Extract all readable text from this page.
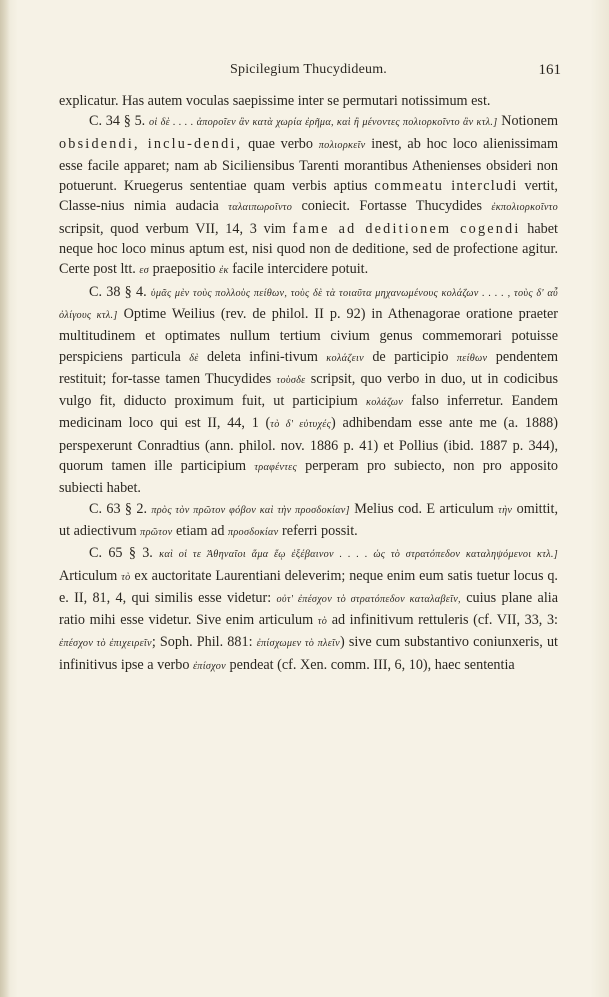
Spicilegium Thucydideum.	161

explicatur. Has autem voculas saepissime inter se permutari notissimum est.

C. 34 § 5. οἱ δὲ . . . . ἀποροῖεν ἂν κατὰ χωρία ἐρῆμα, καὶ ἢ μένοντες πολιορκοῖντο ἂν κτλ.] Notionem obsidendi, inclu-dendi, quae verbo πολιορκεῖν inest, ab hoc loco alienissimam esse facile apparet; nam ab Siciliensibus Tarenti morantibus Athenienses obsideri non potuerunt. Kruegerus sententiae quam verbis aptius commeatu intercludi vertit, Classe-nius nimia audacia ταλαιπωροῖντο coniecit. Fortasse Thucydides ἐκπολιορκοῖντο scripsit, quod verbum VII, 14, 3 vim fame ad deditionem cogendi habet neque hoc loco minus aptum est, nisi quod non de deditione, sed de profectione agitur. Certe post ltt. εσ praepositio ἐκ facile intercidere potuit.

C. 38 § 4. ὑμᾶς μὲν τοὺς πολλοὺς πείθων, τοὺς δὲ τὰ τοιαῦτα μηχανωμένους κολάζων . . . . , τοὺς δ' αὖ ὀλίγους κτλ.] Optime Weilius (rev. de philol. II p. 92) in Athenagorae oratione praeter multitudinem et optimates nullum tertium civium genus commemorari potuisse perspiciens particula δὲ deleta infini-tivum κολάζειν de participio πείθων pendentem restituit; for-tasse tamen Thucydides τοὺσδε scripsit, quo verbo in duo, ut in codicibus vulgo fit, diducto proximum fuit, ut participium κολάζων falso inferretur. Eandem medicinam loco qui est II, 44, 1 (τὸ δ' εὐτυχές) adhibendam esse ante me (a. 1888) perspexerunt Conradtius (ann. philol. nov. 1886 p. 41) et Pollius (ibid. 1887 p. 344), quorum tamen ille participium τραφέντες perperam pro subiecto, non pro apposito subiecti habet.

C. 63 § 2. πρὸς τὸν πρῶτον φόβον καὶ τὴν προσδοκίαν] Melius cod. E articulum τὴν omittit, ut adiectivum πρῶτον etiam ad προσδοκίαν referri possit.

C. 65 § 3. καὶ οἱ τε Ἀθηναῖοι ἅμα ἕῳ ἐξέβαινον . . . . ὡς τὸ στρατόπεδον καταληψόμενοι κτλ.] Articulum τὸ ex auctoritate Laurentiani deleverim; neque enim eum satis tuetur locus q. e. II, 81, 4, qui similis esse videtur: οὐτ' ἐπέσχον τὸ στρατόπεδον καταλαβεῖν, cuius plane alia ratio mihi esse videtur. Sive enim articulum τὸ ad infinitivum rettuleris (cf. VII, 33, 3: ἐπέσχον τὸ ἐπιχειρεῖν; Soph. Phil. 881: ἐπίσχωμεν τὸ πλεῖν) sive cum substantivo coniunxeris, ut infinitivus ipse a verbo ἐπίσχον pendeat (cf. Xen. comm. III, 6, 10), haec sententia
